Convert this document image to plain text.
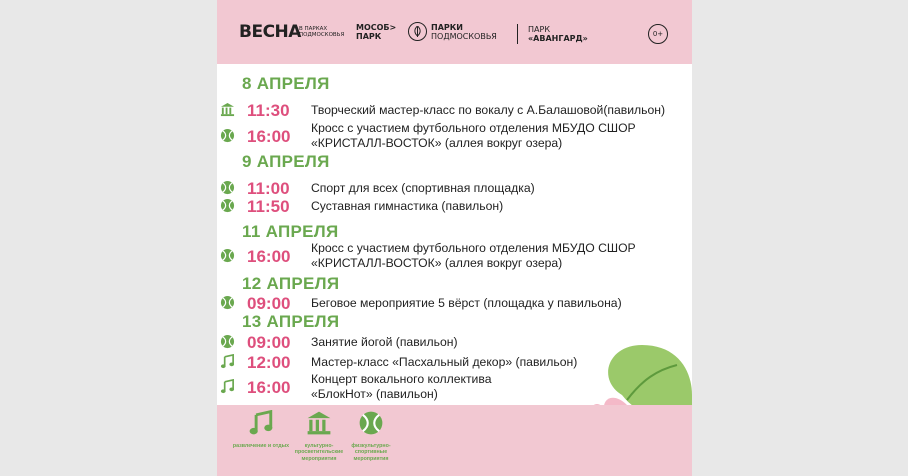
ВЕСНА
В ПАРКАХ ПОДМОСКОВЬЯ
МОСОБ>
ПАРК
ПАРКИ
ПОДМОСКОВЬЯ
ПАРК
«АВАНГАРД»	0+
8 АПРЕЛЯ
11:30 Творческий мастер-класс по вокалу с А.Балашовой(павильон)
16:00 Кросс с участием футбольного отделения МБУДО СШОР «КРИСТАЛЛ-ВОСТОК» (аллея вокруг озера)
9 АПРЕЛЯ
11:00 Спорт для всех (спортивная площадка)
11:50 Суставная гимнастика (павильон)
11 АПРЕЛЯ
16:00 Кросс с участием футбольного отделения МБУДО СШОР «КРИСТАЛЛ-ВОСТОК» (аллея вокруг озера)
12 АПРЕЛЯ
09:00 Беговое мероприятие 5 вёрст (площадка у павильона)
13 АПРЕЛЯ
09:00 Занятие йогой (павильон)
12:00 Мастер-класс «Пасхальный декор» (павильон)
16:00 Концерт вокального коллектива «БлокНот» (павильон)
развлечение и отдых	культурно-просветительские мероприятия
физкультурно-спортивные мероприятия
